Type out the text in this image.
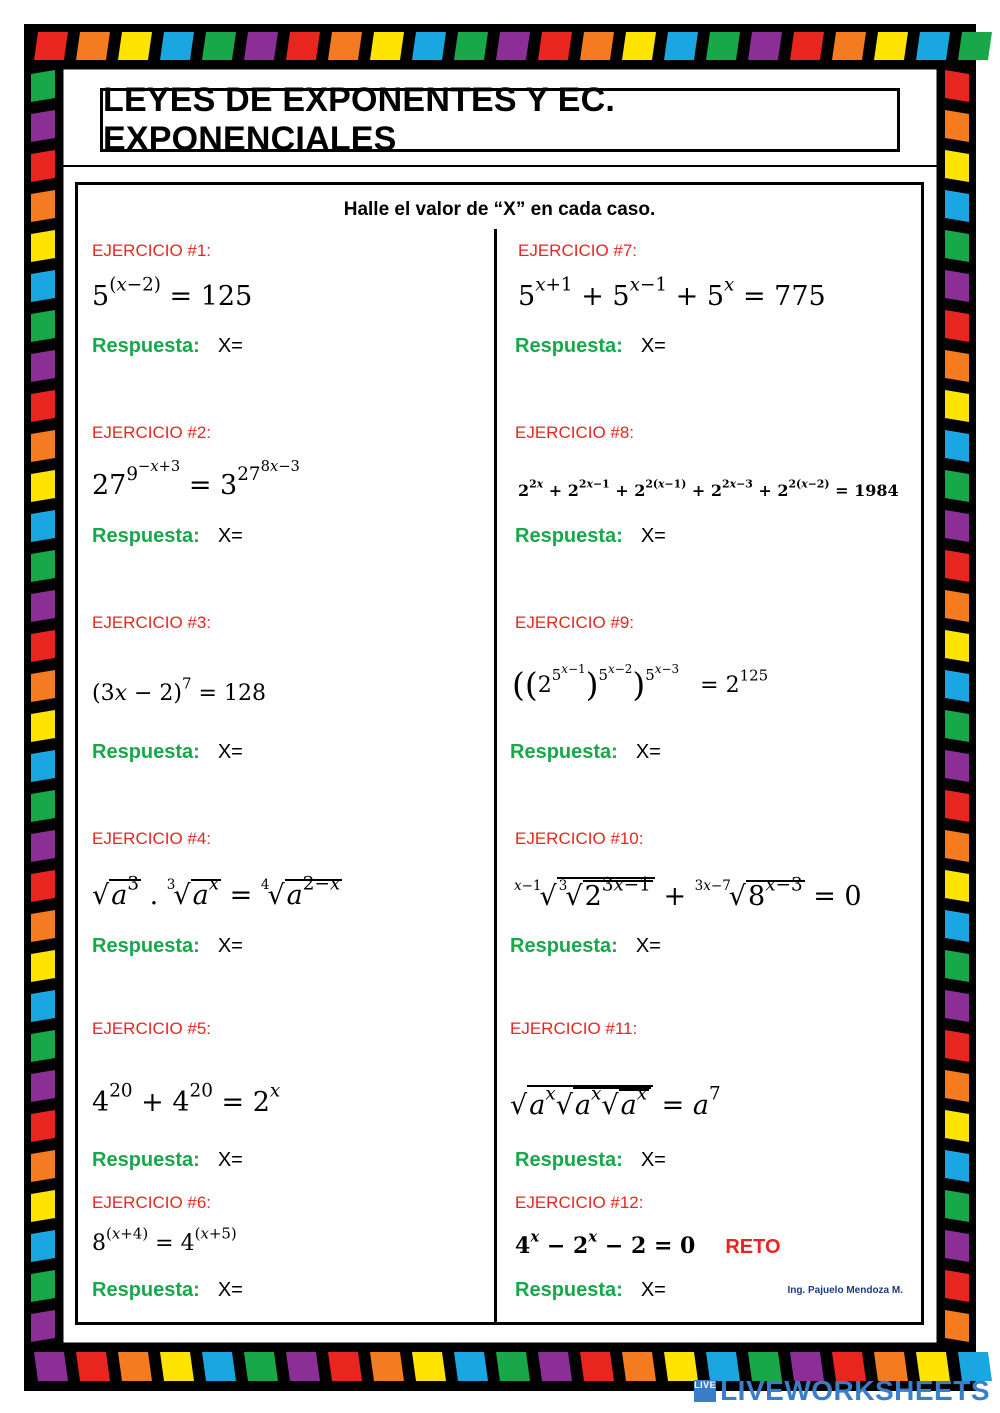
LEYES DE EXPONENTES Y EC. EXPONENCIALES
Halle el valor de “X” en cada caso.
EJERCICIO #1:
$5^{(x-2)} = 125$
Respuesta: X=
EJERCICIO #2:
$27^{9^{-x+3}} = 3^{27^{8x-3}}$
Respuesta: X=
EJERCICIO #3:
$(3x - 2)^7 = 128$
Respuesta: X=
EJERCICIO #4:
$√a^3$ . $^3√a^x = ^4√a^{2-x}$
Respuesta: X=
EJERCICIO #5:
$4^{20} + 4^{20} = 2^x$
Respuesta: X=
EJERCICIO #6:
$8^{(x+4)} = 4^{(x+5)}$
Respuesta: X=
EJERCICIO #7:
$5^{x+1} + 5^{x-1} + 5^x = 775$
Respuesta: X=
EJERCICIO #8:
$2^{2x} + 2^{2x-1} + 2^{2(x-1)} + 2^{2x-3} + 2^{2(x-2)} = 1984$
Respuesta: X=
EJERCICIO #9:
$((2^{5^{x-1}})^{5^{x-2}})^{5^{x-3}} = 2^{125}$
Respuesta: X=
EJERCICIO #10:
$^{x-1}$√ $^3√2^{3x-1} + ^{3x-7}√8^{x-3} = 0$
Respuesta: X=
EJERCICIO #11:
$√a^x√a^x√a^x = a^7$
Respuesta: X=
EJERCICIO #12:
$4^x - 2^x - 2 = 0$ RETO
Respuesta: X=	Ing. Pajuelo Mendoza M.
LIVE LIVEWORKSHEETS
